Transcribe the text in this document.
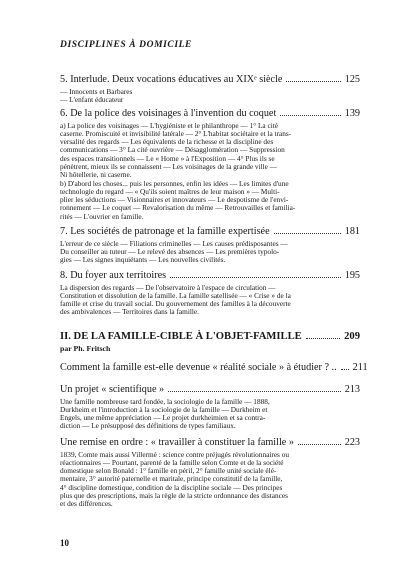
DISCIPLINES À DOMICILE
5. Interlude. Deux vocations éducatives au XIXᵉ siècle	125
— Innocents et Barbares
— L'enfant éducateur
6. De la police des voisinages à l'invention du coquet	139
a) La police des voisinages — L'hygiéniste et le philanthrope — 1° La cité
caserne. Promiscuité et invisibilité latérale — 2° L'habitat sociétaire et la trans-
versalité des regards — Les équivalents de la richesse et la discipline des
communications — 3° La cité ouvrière — Désagglomération — Suppression
des espaces transitionnels — Le « Home » à l'Exposition — 4° Plus ils se
pénètrent, mieux ils se connaissent — Les voisinages de la grande ville —
Ni hôtellerie, ni caserne.
b) D'abord les choses... puis les personnes, enfin les idées — Les limites d'une
technologie du regard — « Qu'ils soient maîtres de leur maison » — Multi-
plier les séductions — Visionnaires et innovateurs — Le despotisme de l'envi-
ronnement — Le coquet — Revalorisation du même — Retrouvailles et familia-
rités — L'ouvrier en famille.
7. Les sociétés de patronage et la famille expertisée	181
L'erreur de ce siècle — Filiations criminelles — Les causes prédisposantes —
Du conseiller au tuteur — Le relevé des absences — Les premières typolo-
gies — Les signes inquiétants — Les nouvelles civilités.
8. Du foyer aux territoires	195
La dispersion des regards — De l'observatoire à l'espace de circulation —
Constitution et dissolution de la famille. La famille satellisée — « Crise » de la
famille et crise du travail social. Du gouvernement des familles à la découverte
des ambivalences — Territoires dans la famille.
II. DE LA FAMILLE-CIBLE À L'OBJET-FAMILLE	209
par Ph. Fritsch
Comment la famille est-elle devenue « réalité sociale » à étudier ? .. 211
Un projet « scientifique »	213
Une famille nombreuse tard fondée, la sociologie de la famille — 1888,
Durkheim et l'introduction à la sociologie de la famille — Durkheim et
Engels, une même appréciation — Le projet durkheimien et sa contra-
diction — Le présupposé des définitions de types familiaux.
Une remise en ordre : « travailler à constituer la famille »	223
1839, Comte mais aussi Villermé : science contre préjugés révolutionnaires ou
réactionnaires — Pourtant, parenté de la famille selon Comte et de la société
domestique selon Bonald : 1° famille en péril, 2° famille unité sociale élé-
mentaire, 3° autorité paternelle et maritale, principe constitutif de la famille,
4° discipline domestique, condition de la discipline sociale — Des principes
plus que des prescriptions, mais la règle de la stricte ordonnance des distances
et des différences.
10
